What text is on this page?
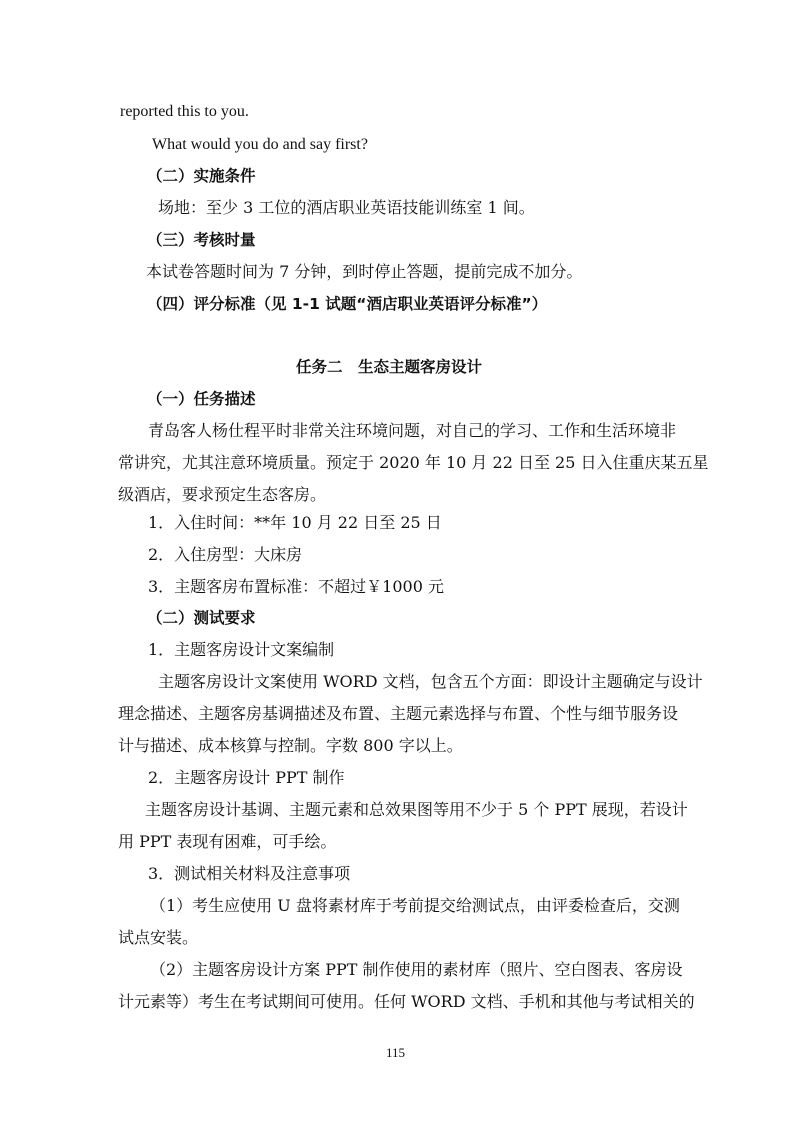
reported this to you.
What would you do and say first?
（二）实施条件
场地：至少 3 工位的酒店职业英语技能训练室 1 间。
（三）考核时量
本试卷答题时间为 7 分钟，到时停止答题，提前完成不加分。
（四）评分标准（见 1-1 试题“酒店职业英语评分标准”）
任务二　生态主题客房设计
（一）任务描述
青岛客人杨仕程平时非常关注环境问题，对自己的学习、工作和生活环境非
常讲究，尤其注意环境质量。预定于 2020 年 10 月 22 日至 25 日入住重庆某五星
级酒店，要求预定生态客房。
1．入住时间：**年 10 月 22 日至 25 日
2．入住房型：大床房
3．主题客房布置标准：不超过￥1000 元
（二）测试要求
1．主题客房设计文案编制
主题客房设计文案使用 WORD 文档，包含五个方面：即设计主题确定与设计
理念描述、主题客房基调描述及布置、主题元素选择与布置、个性与细节服务设
计与描述、成本核算与控制。字数 800 字以上。
2．主题客房设计 PPT 制作
主题客房设计基调、主题元素和总效果图等用不少于 5 个 PPT 展现，若设计
用 PPT 表现有困难，可手绘。
3．测试相关材料及注意事项
（1）考生应使用 U 盘将素材库于考前提交给测试点，由评委检查后，交测
试点安装。
（2）主题客房设计方案 PPT 制作使用的素材库（照片、空白图表、客房设
计元素等）考生在考试期间可使用。任何 WORD 文档、手机和其他与考试相关的
115
